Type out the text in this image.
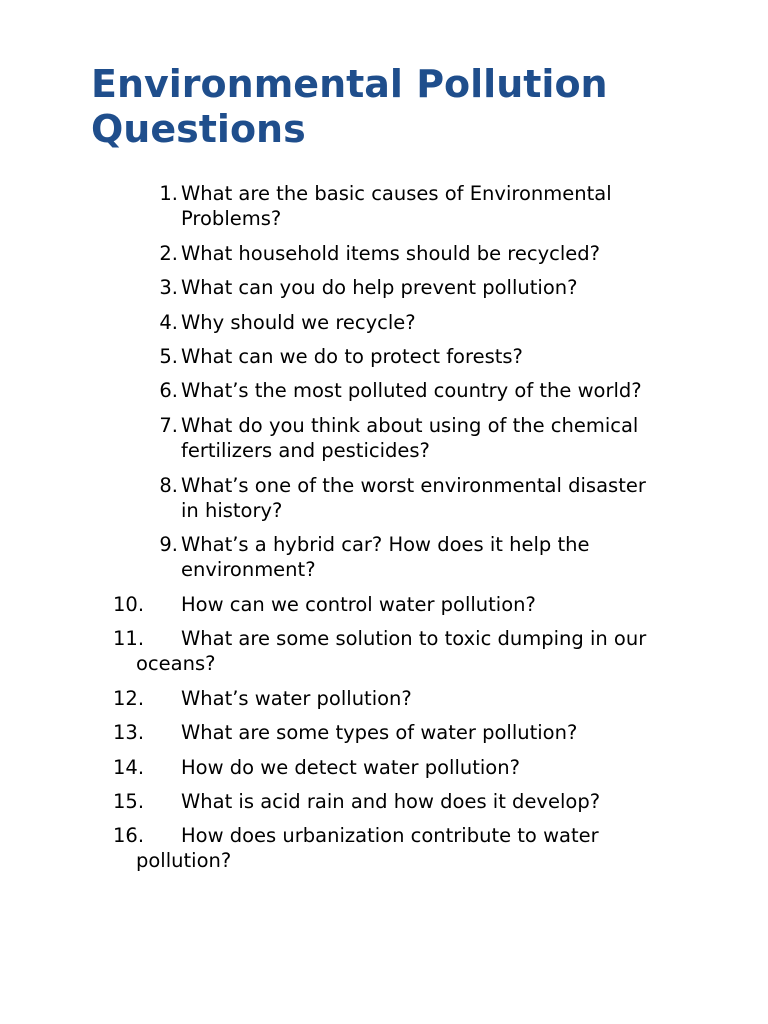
Environmental Pollution
Questions
1. What are the basic causes of Environmental
Problems?
2. What household items should be recycled?
3. What can you do help prevent pollution?
4. Why should we recycle?
5. What can we do to protect forests?
6. What’s the most polluted country of the world?
7. What do you think about using of the chemical
fertilizers and pesticides?
8. What’s one of the worst environmental disaster
in history?
9. What’s a hybrid car? How does it help the
environment?
10. How can we control water pollution?
11. What are some solution to toxic dumping in our
oceans?
12. What’s water pollution?
13. What are some types of water pollution?
14. How do we detect water pollution?
15. What is acid rain and how does it develop?
16. How does urbanization contribute to water
pollution?
